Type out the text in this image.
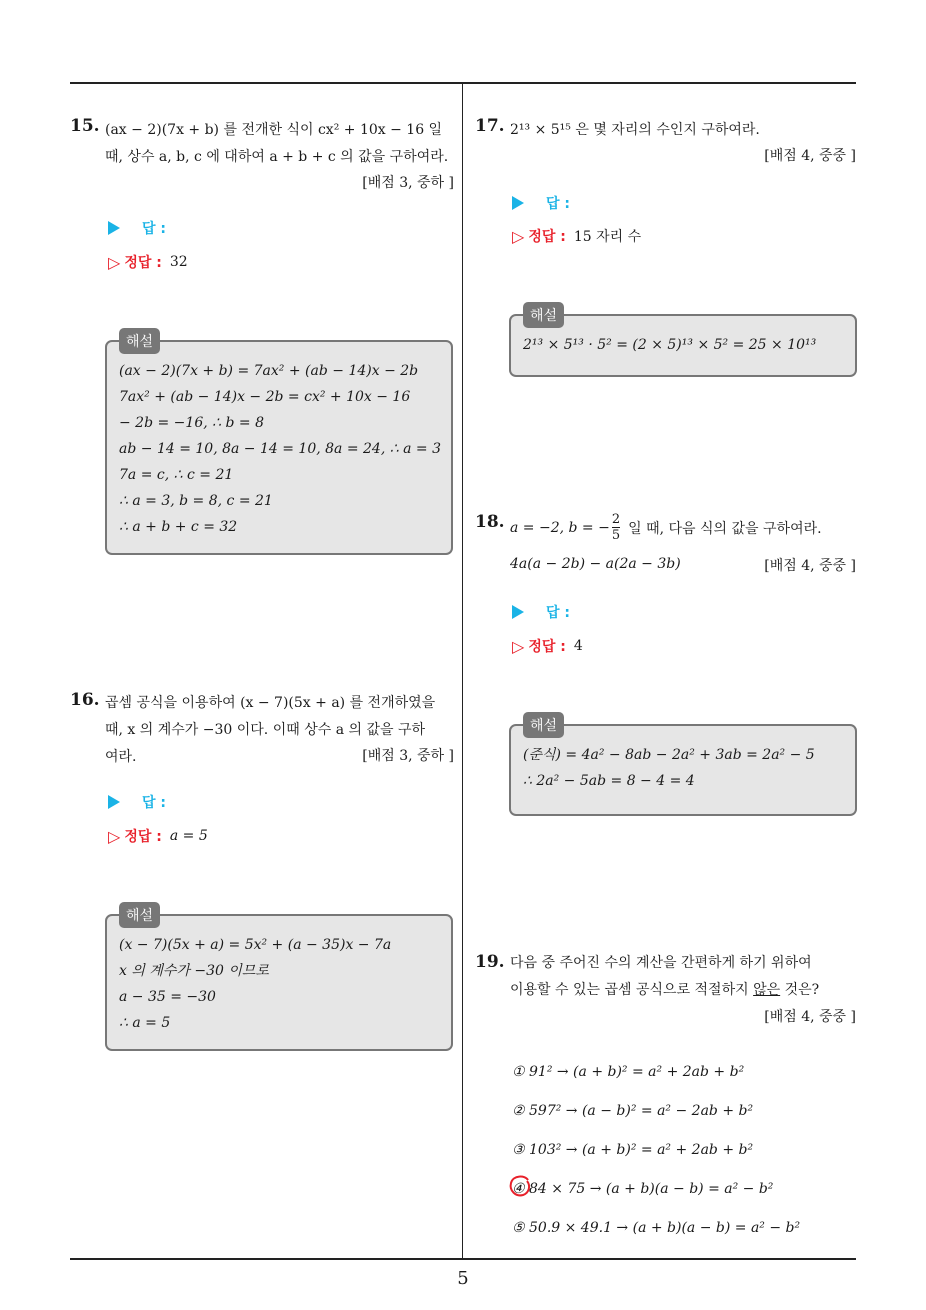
15. (ax − 2)(7x + b) 를 전개한 식이 cx² + 10x − 16 일
때, 상수 a, b, c 에 대하여 a + b + c 의 값을 구하여라.
[배점 3, 중하 ]
답 :
▷ 정답 : 32
해설
(ax − 2)(7x + b) = 7ax² + (ab − 14)x − 2b
7ax² + (ab − 14)x − 2b = cx² + 10x − 16
− 2b = −16, ∴ b = 8
ab − 14 = 10, 8a − 14 = 10, 8a = 24, ∴ a = 3
7a = c, ∴ c = 21
∴ a = 3, b = 8, c = 21
∴ a + b + c = 32
16. 곱셈 공식을 이용하여 (x − 7)(5x + a) 를 전개하였을
때, x 의 계수가 −30 이다. 이때 상수 a 의 값을 구하
여라.	[배점 3, 중하 ]
답 :
▷ 정답 : a = 5
해설
(x − 7)(5x + a) = 5x² + (a − 35)x − 7a
x 의 계수가 −30 이므로
a − 35 = −30
∴ a = 5
17. 2¹³ × 5¹⁵ 은 몇 자리의 수인지 구하여라.
[배점 4, 중중 ]
답 :
▷ 정답 : 15 자리 수
해설
2¹³ × 5¹³ · 5² = (2 × 5)¹³ × 5² = 25 × 10¹³
18. a = −2, b = − $\frac{2}{5}$ 일 때, 다음 식의 값을 구하여라.
4a(a − 2b) − a(2a − 3b)	[배점 4, 중중 ]
답 :
▷ 정답 : 4
해설
(준식) = 4a² − 8ab − 2a² + 3ab = 2a² − 5
∴ 2a² − 5ab = 8 − 4 = 4
19. 다음 중 주어진 수의 계산을 간편하게 하기 위하여
이용할 수 있는 곱셈 공식으로 적절하지 않은 것은?
[배점 4, 중중 ]
① 91² → (a + b)² = a² + 2ab + b²
② 597² → (a − b)² = a² − 2ab + b²
③ 103² → (a + b)² = a² + 2ab + b²
④ 84 × 75 → (a + b)(a − b) = a² − b²
⑤ 50.9 × 49.1 → (a + b)(a − b) = a² − b²
5
